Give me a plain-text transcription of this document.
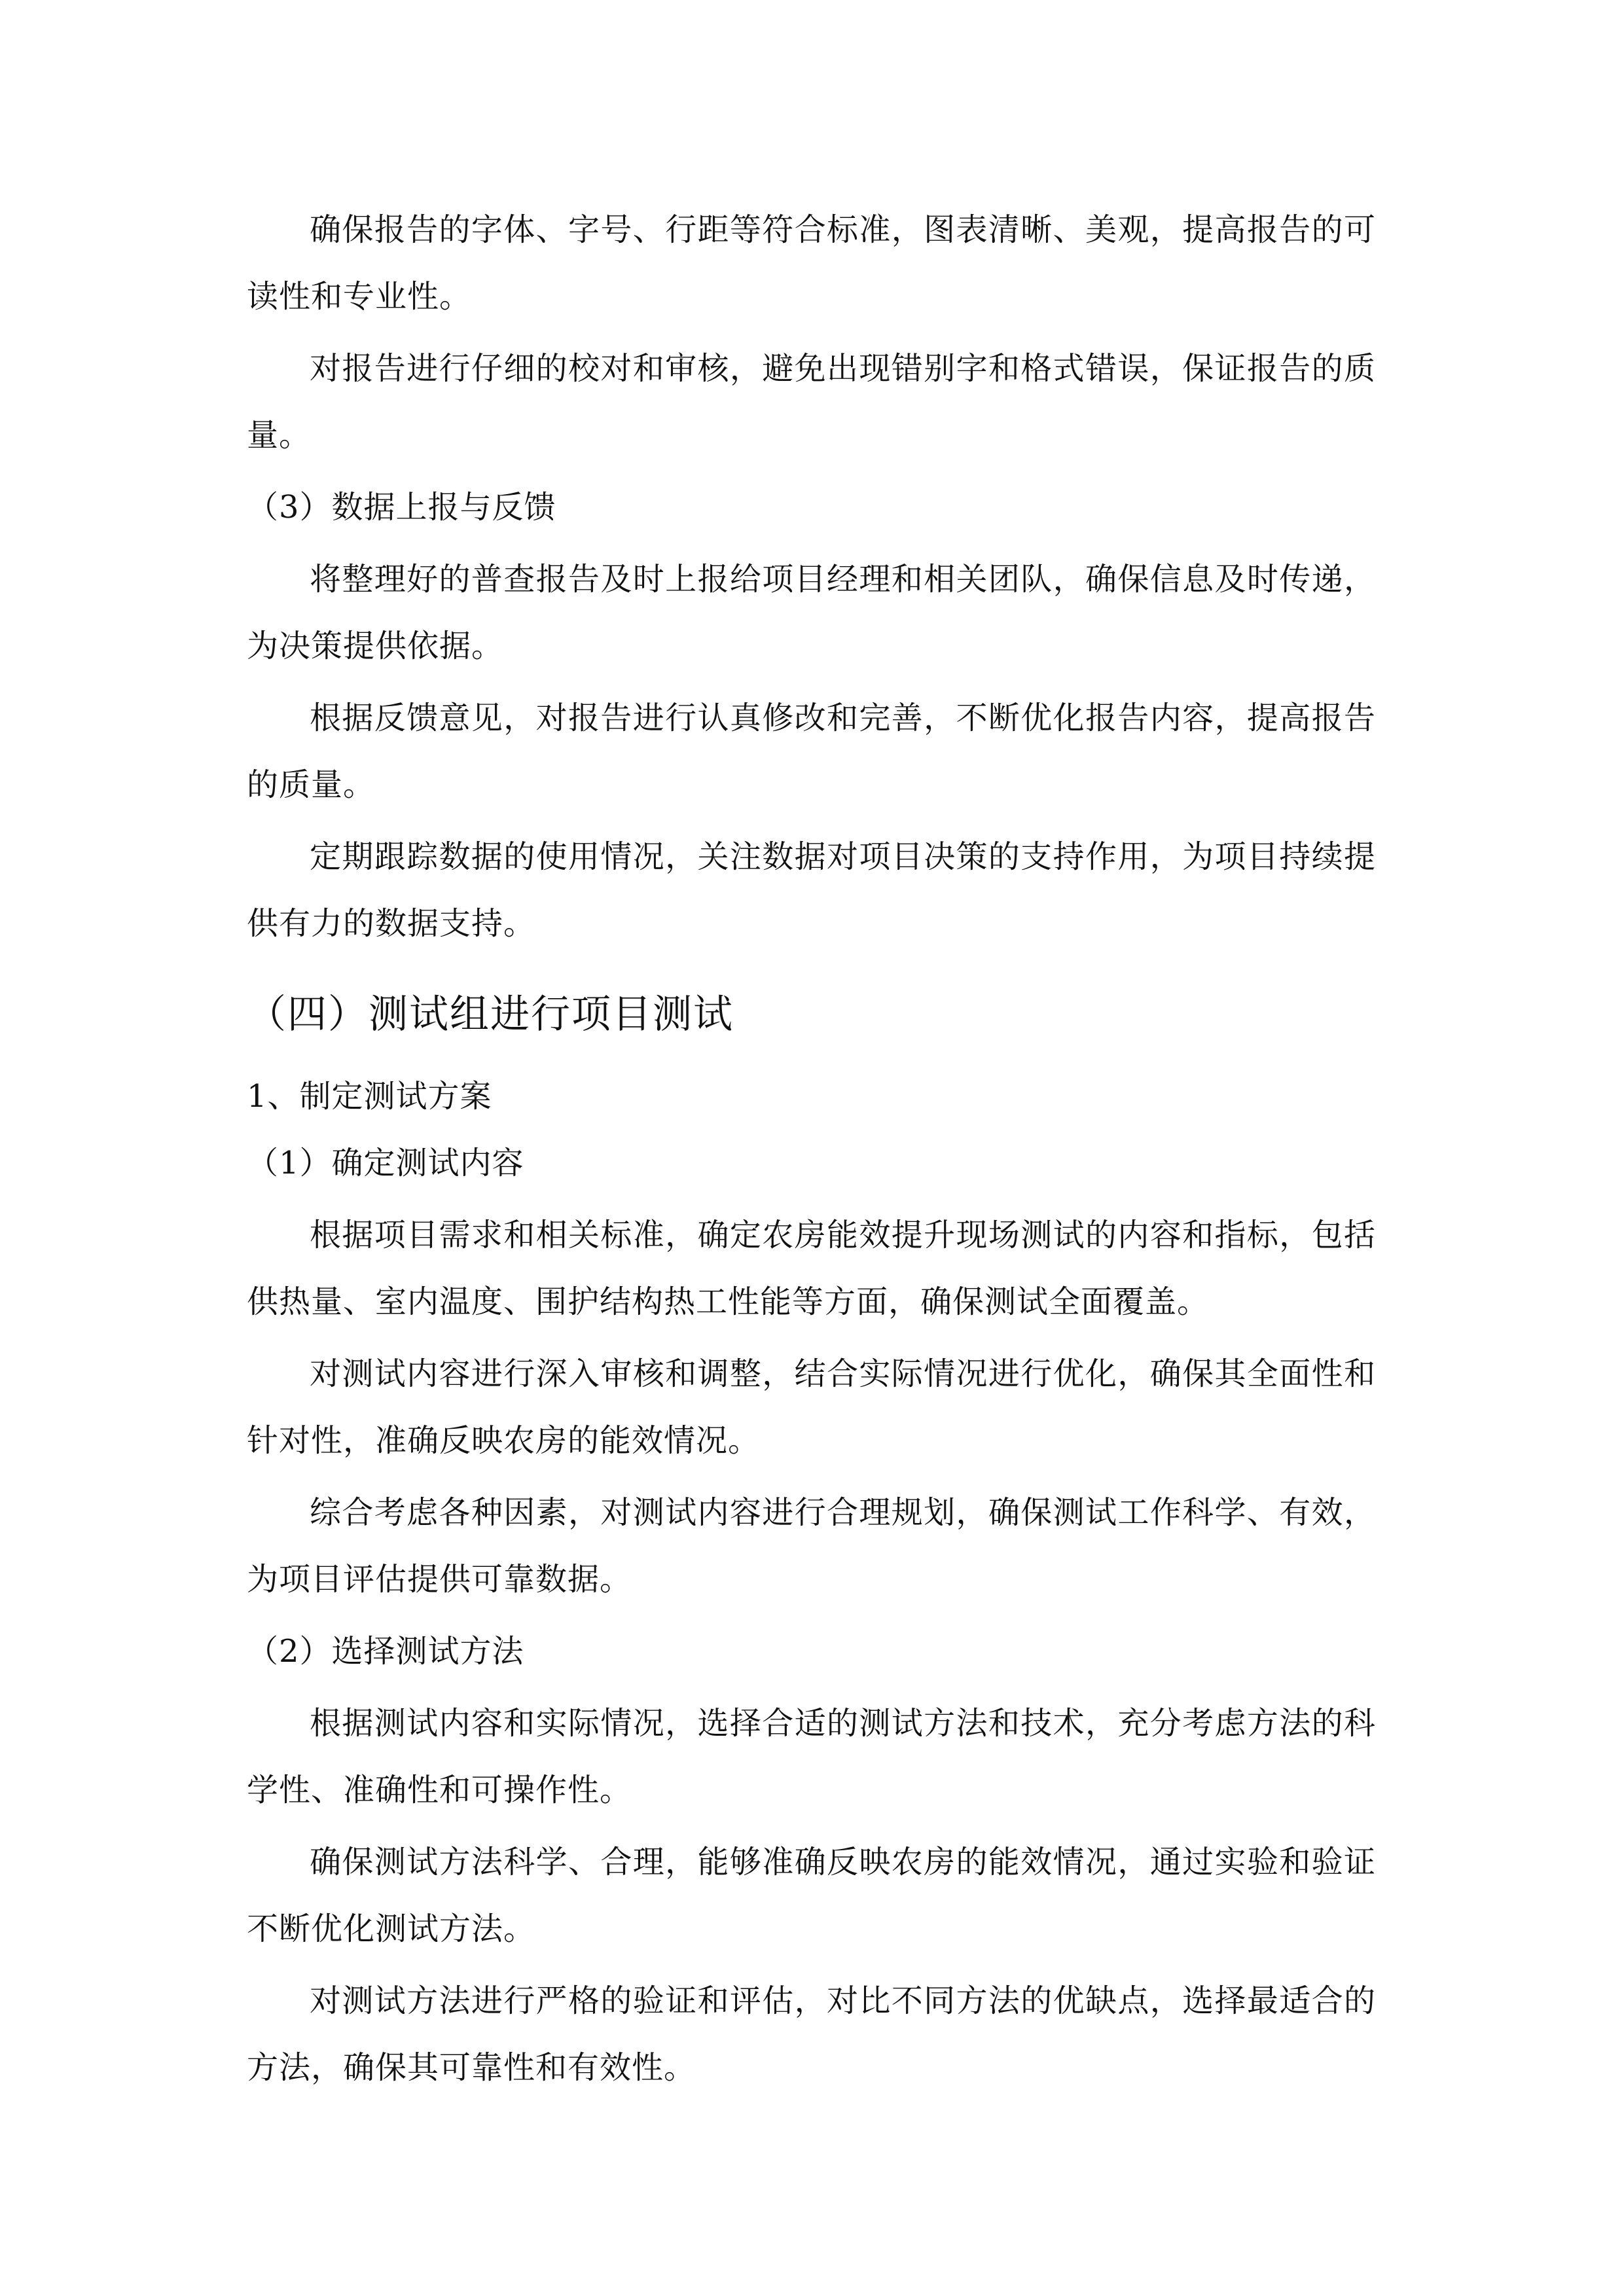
确保报告的字体、字号、行距等符合标准，图表清晰、美观，提高报告的可读性和专业性。

对报告进行仔细的校对和审核，避免出现错别字和格式错误，保证报告的质量。

（3）数据上报与反馈

将整理好的普查报告及时上报给项目经理和相关团队，确保信息及时传递，为决策提供依据。

根据反馈意见，对报告进行认真修改和完善，不断优化报告内容，提高报告的质量。

定期跟踪数据的使用情况，关注数据对项目决策的支持作用，为项目持续提供有力的数据支持。

（四）测试组进行项目测试
1、制定测试方案
（1）确定测试内容

根据项目需求和相关标准，确定农房能效提升现场测试的内容和指标，包括供热量、室内温度、围护结构热工性能等方面，确保测试全面覆盖。

对测试内容进行深入审核和调整，结合实际情况进行优化，确保其全面性和针对性，准确反映农房的能效情况。

综合考虑各种因素，对测试内容进行合理规划，确保测试工作科学、有效，为项目评估提供可靠数据。

（2）选择测试方法

根据测试内容和实际情况，选择合适的测试方法和技术，充分考虑方法的科学性、准确性和可操作性。

确保测试方法科学、合理，能够准确反映农房的能效情况，通过实验和验证不断优化测试方法。

对测试方法进行严格的验证和评估，对比不同方法的优缺点，选择最适合的方法，确保其可靠性和有效性。
